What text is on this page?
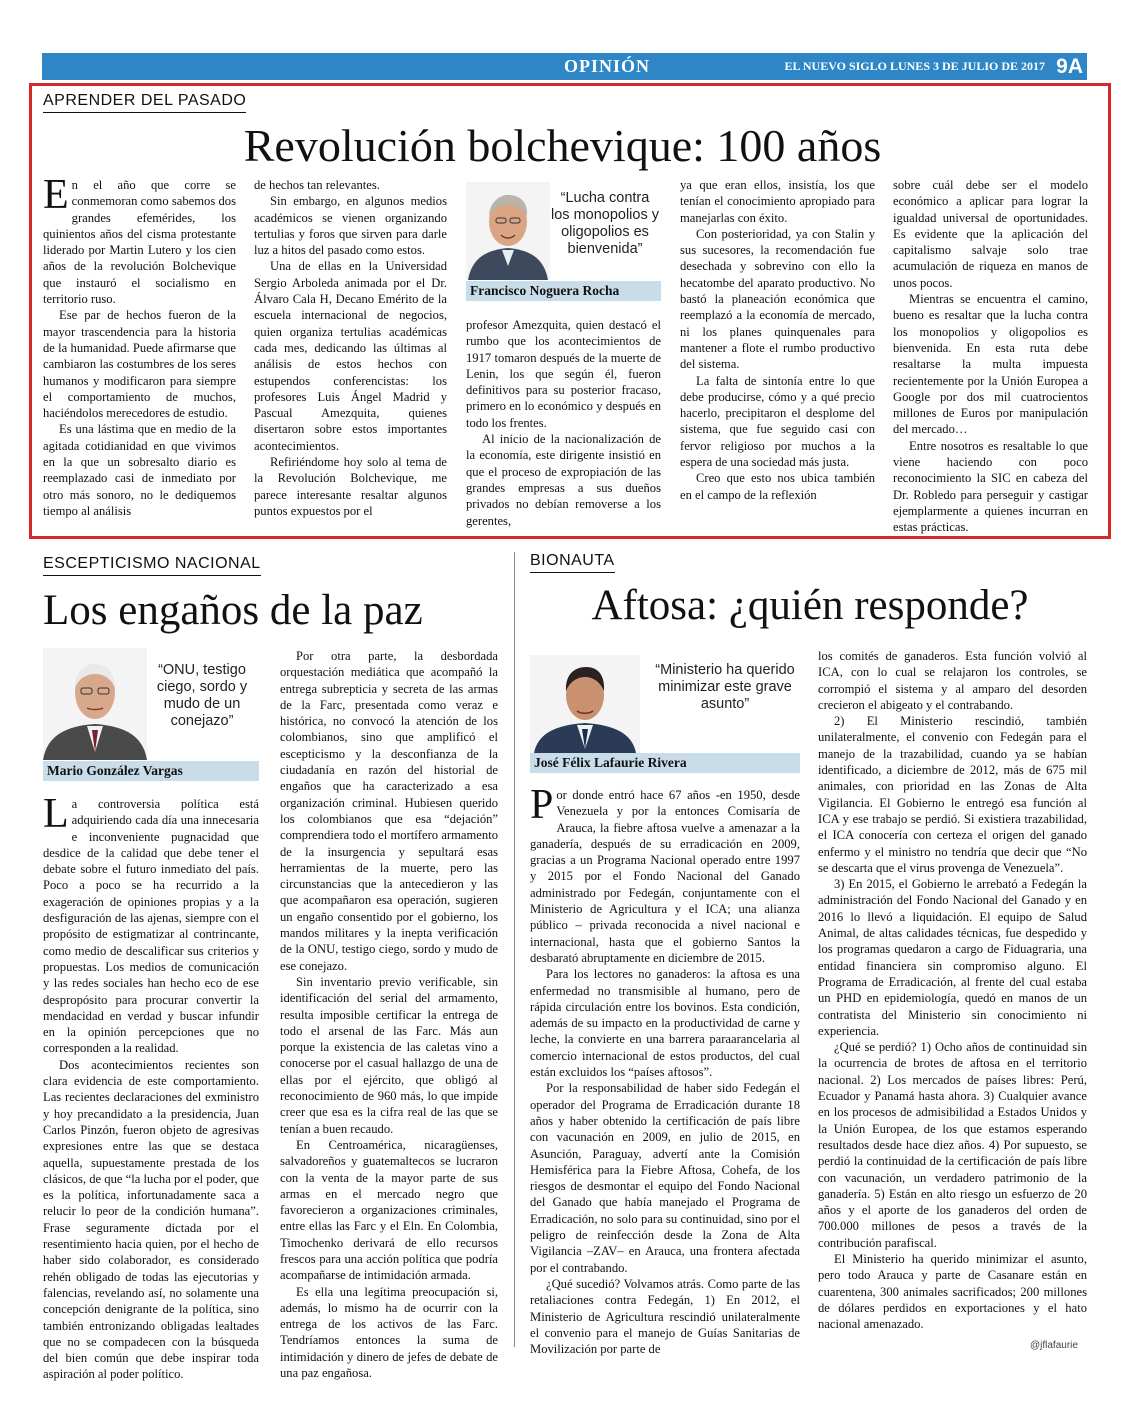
OPINIÓN	EL NUEVO SIGLO LUNES 3 DE JULIO DE 2017 9A
APRENDER DEL PASADO
Revolución bolchevique: 100 años

En el año que corre se conmemoran como sabemos dos grandes efemérides, los quinientos años del cisma protestante liderado por Martin Lutero y los cien años de la revolución Bolchevique que instauró el socialismo en territorio ruso.

Ese par de hechos fueron de la mayor trascendencia para la historia de la humanidad. Puede afirmarse que cambiaron las costumbres de los seres humanos y modificaron para siempre el comportamiento de muchos, haciéndolos merecedores de estudio.

Es una lástima que en medio de la agitada cotidianidad en que vivimos en la que un sobresalto diario es reemplazado casi de inmediato por otro más sonoro, no le dediquemos tiempo al análisis

de hechos tan relevantes.

Sin embargo, en algunos medios académicos se vienen organizando tertulias y foros que sirven para darle luz a hitos del pasado como estos.

Una de ellas en la Universidad Sergio Arboleda animada por el Dr. Álvaro Cala H, Decano Emérito de la escuela internacional de negocios, quien organiza tertulias académicas cada mes, dedicando las últimas al análisis de estos hechos con estupendos conferencistas: los profesores Luis Ángel Madrid y Pascual Amezquita, quienes disertaron sobre estos importantes acontecimientos.

Refiriéndome hoy solo al tema de la Revolución Bolchevique, me parece interesante resaltar algunos puntos expuestos por el

“Lucha contra los monopolios y oligopolios es bienvenida”
Francisco Noguera Rocha

profesor Amezquita, quien destacó el rumbo que los acontecimientos de 1917 tomaron después de la muerte de Lenin, los que según él, fueron definitivos para su posterior fracaso, primero en lo económico y después en todo los frentes.

Al inicio de la nacionalización de la economía, este dirigente insistió en que el proceso de expropiación de las grandes empresas a sus dueños privados no debían removerse a los gerentes,

ya que eran ellos, insistía, los que tenían el conocimiento apropiado para manejarlas con éxito.

Con posterioridad, ya con Stalin y sus sucesores, la recomendación fue desechada y sobrevino con ello la hecatombe del aparato productivo. No bastó la planeación económica que reemplazó a la economía de mercado, ni los planes quinquenales para mantener a flote el rumbo productivo del sistema.

La falta de sintonía entre lo que debe producirse, cómo y a qué precio hacerlo, precipitaron el desplome del sistema, que fue seguido casi con fervor religioso por muchos a la espera de una sociedad más justa.

Creo que esto nos ubica también en el campo de la reflexión

sobre cuál debe ser el modelo económico a aplicar para lograr la igualdad universal de oportunidades. Es evidente que la aplicación del capitalismo salvaje solo trae acumulación de riqueza en manos de unos pocos.

Mientras se encuentra el camino, bueno es resaltar que la lucha contra los monopolios y oligopolios es bienvenida. En esta ruta debe resaltarse la multa impuesta recientemente por la Unión Europea a Google por dos mil cuatrocientos millones de Euros por manipulación del mercado…

Entre nosotros es resaltable lo que viene haciendo con poco reconocimiento la SIC en cabeza del Dr. Robledo para perseguir y castigar ejemplarmente a quienes incurran en estas prácticas.

ESCEPTICISMO NACIONAL
Los engaños de la paz
“ONU, testigo ciego, sordo y mudo de un conejazo”
Mario González Vargas

La controversia política está adquiriendo cada día una innecesaria e inconveniente pugnacidad que desdice de la calidad que debe tener el debate sobre el futuro inmediato del país. Poco a poco se ha recurrido a la exageración de opiniones propias y a la desfiguración de las ajenas, siempre con el propósito de estigmatizar al contrincante, como medio de descalificar sus criterios y propuestas. Los medios de comunicación y las redes sociales han hecho eco de ese despropósito para procurar convertir la mendacidad en verdad y buscar infundir en la opinión percepciones que no corresponden a la realidad.

Dos acontecimientos recientes son clara evidencia de este comportamiento. Las recientes declaraciones del exministro y hoy precandidato a la presidencia, Juan Carlos Pinzón, fueron objeto de agresivas expresiones entre las que se destaca aquella, supuestamente prestada de los clásicos, de que “la lucha por el poder, que es la política, infortunadamente saca a relucir lo peor de la condición humana”. Frase seguramente dictada por el resentimiento hacia quien, por el hecho de haber sido colaborador, es considerado rehén obligado de todas las ejecutorias y falencias, revelando así, no solamente una concepción denigrante de la política, sino también entronizando obligadas lealtades que no se compadecen con la búsqueda del bien común que debe inspirar toda aspiración al poder político.

Por otra parte, la desbordada orquestación mediática que acompañó la entrega subrepticia y secreta de las armas de la Farc, presentada como veraz e histórica, no convocó la atención de los colombianos, sino que amplificó el escepticismo y la desconfianza de la ciudadanía en razón del historial de engaños que ha caracterizado a esa organización criminal. Hubiesen querido los colombianos que esa “dejación” comprendiera todo el mortífero armamento de la insurgencia y sepultará esas herramientas de la muerte, pero las circunstancias que la antecedieron y las que acompañaron esa operación, sugieren un engaño consentido por el gobierno, los mandos militares y la inepta verificación de la ONU, testigo ciego, sordo y mudo de ese conejazo.

Sin inventario previo verificable, sin identificación del serial del armamento, resulta imposible certificar la entrega de todo el arsenal de las Farc. Más aun porque la existencia de las caletas vino a conocerse por el casual hallazgo de una de ellas por el ejército, que obligó al reconocimiento de 960 más, lo que impide creer que esa es la cifra real de las que se tenían a buen recaudo.

En Centroamérica, nicaragüenses, salvadoreños y guatemaltecos se lucraron con la venta de la mayor parte de sus armas en el mercado negro que favorecieron a organizaciones criminales, entre ellas las Farc y el Eln. En Colombia, Timochenko derivará de ello recursos frescos para una acción política que podría acompañarse de intimidación armada.

Es ella una legítima preocupación si, además, lo mismo ha de ocurrir con la entrega de los activos de las Farc. Tendríamos entonces la suma de intimidación y dinero de jefes de debate de una paz engañosa.

BIONAUTA
Aftosa: ¿quién responde?
“Ministerio ha querido minimizar este grave asunto”
José Félix Lafaurie Rivera

Por donde entró hace 67 años -en 1950, desde Venezuela y por la entonces Comisaría de Arauca, la fiebre aftosa vuelve a amenazar a la ganadería, después de su erradicación en 2009, gracias a un Programa Nacional operado entre 1997 y 2015 por el Fondo Nacional del Ganado administrado por Fedegán, conjuntamente con el Ministerio de Agricultura y el ICA; una alianza público – privada reconocida a nivel nacional e internacional, hasta que el gobierno Santos la desbarató abruptamente en diciembre de 2015.

Para los lectores no ganaderos: la aftosa es una enfermedad no transmisible al humano, pero de rápida circulación entre los bovinos. Esta condición, además de su impacto en la productividad de carne y leche, la convierte en una barrera paraarancelaria al comercio internacional de estos productos, del cual están excluidos los “países aftosos”.

Por la responsabilidad de haber sido Fedegán el operador del Programa de Erradicación durante 18 años y haber obtenido la certificación de país libre con vacunación en 2009, en julio de 2015, en Asunción, Paraguay, advertí ante la Comisión Hemisférica para la Fiebre Aftosa, Cohefa, de los riesgos de desmontar el equipo del Fondo Nacional del Ganado que había manejado el Programa de Erradicación, no solo para su continuidad, sino por el peligro de reinfección desde la Zona de Alta Vigilancia –ZAV– en Arauca, una frontera afectada por el contrabando.

¿Qué sucedió? Volvamos atrás. Como parte de las retaliaciones contra Fedegán, 1) En 2012, el Ministerio de Agricultura rescindió unilateralmente el convenio para el manejo de Guías Sanitarias de Movilización por parte de

los comités de ganaderos. Esta función volvió al ICA, con lo cual se relajaron los controles, se corrompió el sistema y al amparo del desorden crecieron el abigeato y el contrabando.

2) El Ministerio rescindió, también unilateralmente, el convenio con Fedegán para el manejo de la trazabilidad, cuando ya se habían identificado, a diciembre de 2012, más de 675 mil animales, con prioridad en las Zonas de Alta Vigilancia. El Gobierno le entregó esa función al ICA y ese trabajo se perdió. Si existiera trazabilidad, el ICA conocería con certeza el origen del ganado enfermo y el ministro no tendría que decir que “No se descarta que el virus provenga de Venezuela”.

3) En 2015, el Gobierno le arrebató a Fedegán la administración del Fondo Nacional del Ganado y en 2016 lo llevó a liquidación. El equipo de Salud Animal, de altas calidades técnicas, fue despedido y los programas quedaron a cargo de Fiduagraria, una entidad financiera sin compromiso alguno. El Programa de Erradicación, al frente del cual estaba un PHD en epidemiología, quedó en manos de un contratista del Ministerio sin conocimiento ni experiencia.

¿Qué se perdió? 1) Ocho años de continuidad sin la ocurrencia de brotes de aftosa en el territorio nacional. 2) Los mercados de países libres: Perú, Ecuador y Panamá hasta ahora. 3) Cualquier avance en los procesos de admisibilidad a Estados Unidos y la Unión Europea, de los que estamos esperando resultados desde hace diez años. 4) Por supuesto, se perdió la continuidad de la certificación de país libre con vacunación, un verdadero patrimonio de la ganadería. 5) Están en alto riesgo un esfuerzo de 20 años y el aporte de los ganaderos del orden de 700.000 millones de pesos a través de la contribución parafiscal.

El Ministerio ha querido minimizar el asunto, pero todo Arauca y parte de Casanare están en cuarentena, 300 animales sacrificados; 200 millones de dólares perdidos en exportaciones y el hato nacional amenazado.

@jflafaurie
